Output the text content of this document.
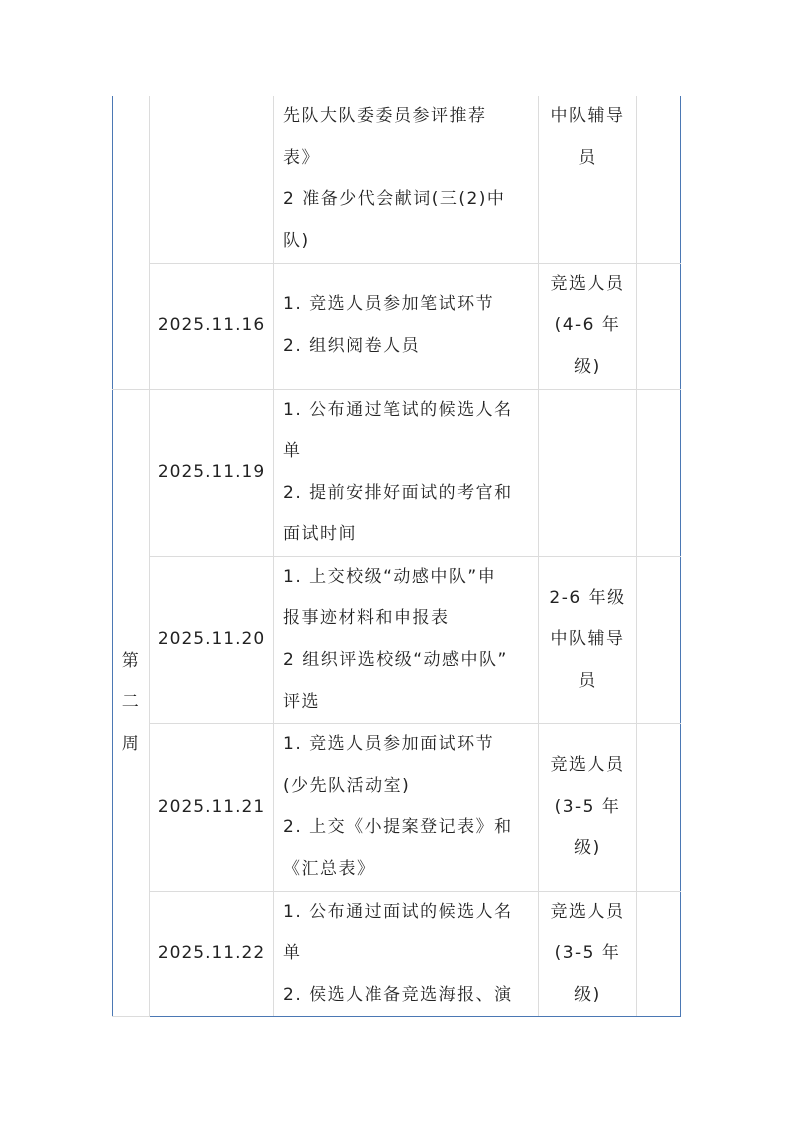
		先队大队委委员参评推荐
表》
2 准备少代会献词(三(2)中
队)	中队辅导
员	

	2025.11.16	1. 竞选人员参加笔试环节
2. 组织阅卷人员	竞选人员
(4-6 年
级)	

第
二
周	2025.11.19	1. 公布通过笔试的候选人名
单
2. 提前安排好面试的考官和
面试时间		

	2025.11.20	1. 上交校级“动感中队”申
报事迹材料和申报表
2 组织评选校级“动感中队”
评选	2-6 年级
中队辅导
员	

	2025.11.21	1. 竞选人员参加面试环节
(少先队活动室)
2. 上交《小提案登记表》和
《汇总表》	竞选人员
(3-5 年
级)	

	2025.11.22	1. 公布通过面试的候选人名
单
2. 侯选人准备竞选海报、演	竞选人员
(3-5 年
级)	
